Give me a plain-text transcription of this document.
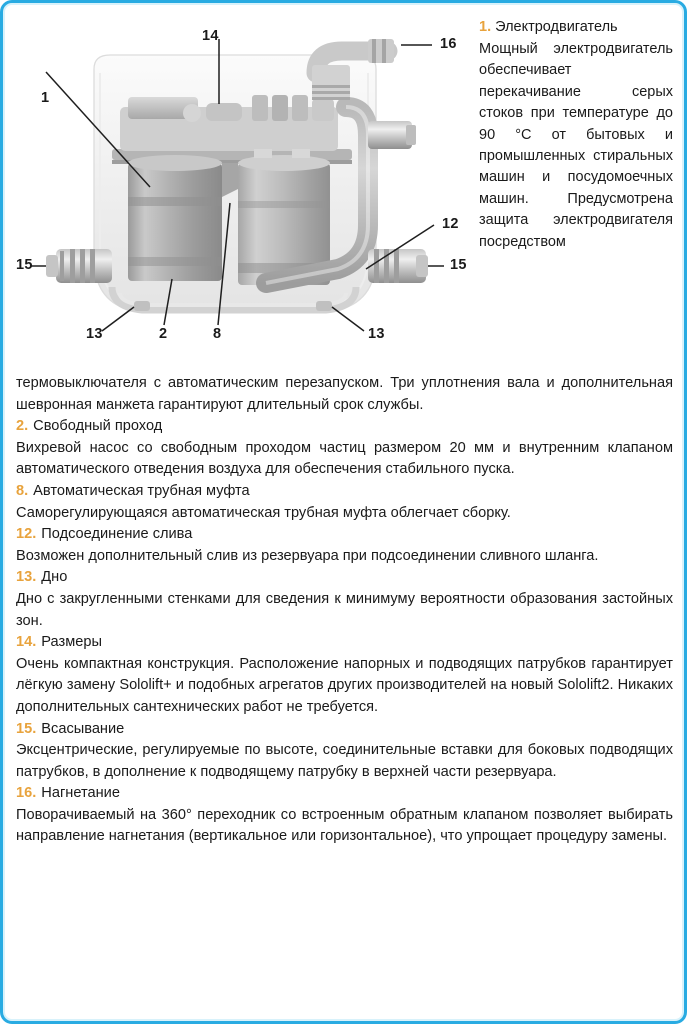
14
1
16
12
15	15
13	13
2	8
1. Электродвигатель

Мощный электродвигатель обеспечивает перекачивание серых стоков при температуре до 90 °C от бытовых и промышленных стиральных машин и посудомоечных машин. Предусмотрена защита электродвигателя посредством

термовыключателя с автоматическим перезапуском. Три уплотнения вала и дополнительная шевронная манжета гарантируют длительный срок службы.

2. Свободный проход

Вихревой насос со свободным проходом частиц размером 20 мм и внутренним клапаном автоматического отведения воздуха для обеспечения стабильного пуска.

8. Автоматическая трубная муфта

Саморегулирующаяся автоматическая трубная муфта облегчает сборку.

12. Подсоединение слива

Возможен дополнительный слив из резервуара при подсоединении сливного шланга.

13. Дно

Дно с закругленными стенками для сведения к минимуму вероятности образования застойных зон.

14. Размеры

Очень компактная конструкция. Расположение напорных и подводящих патрубков гарантирует лёгкую замену Sololift+ и подобных агрегатов других производителей на новый Sololift2. Никаких дополнительных сантехнических работ не требуется.

15. Всасывание

Эксцентрические, регулируемые по высоте, соединительные вставки для боковых подводящих патрубков, в дополнение к подводящему патрубку в верхней части резервуара.

16. Нагнетание

Поворачиваемый на 360° переходник со встроенным обратным клапаном позволяет выбирать направление нагнетания (вертикальное или горизонтальное), что упрощает процедуру замены.
